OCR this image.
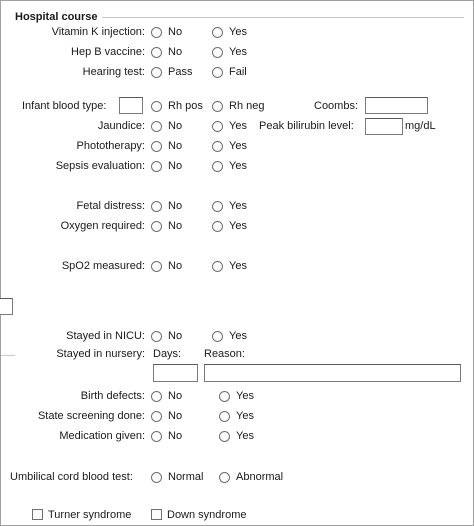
Hospital course
Vitamin K injection: No	Yes
Hep B vaccine: No	Yes
Hearing test: Pass	Fail
Infant blood type:	Rh pos Rh neg	Coombs:
Jaundice: No	Yes Peak bilirubin level:	mg/dL
Phototherapy: No	Yes
Sepsis evaluation: No	Yes
Fetal distress: No	Yes
Oxygen required: No	Yes
SpO2 measured: No	Yes
Stayed in NICU: No	Yes
Stayed in nursery: Days: Reason:
Birth defects: No	Yes
State screening done: No	Yes
Medication given: No	Yes
Umbilical cord blood test:	Normal	Abnormal
Turner syndrome	Down syndrome
